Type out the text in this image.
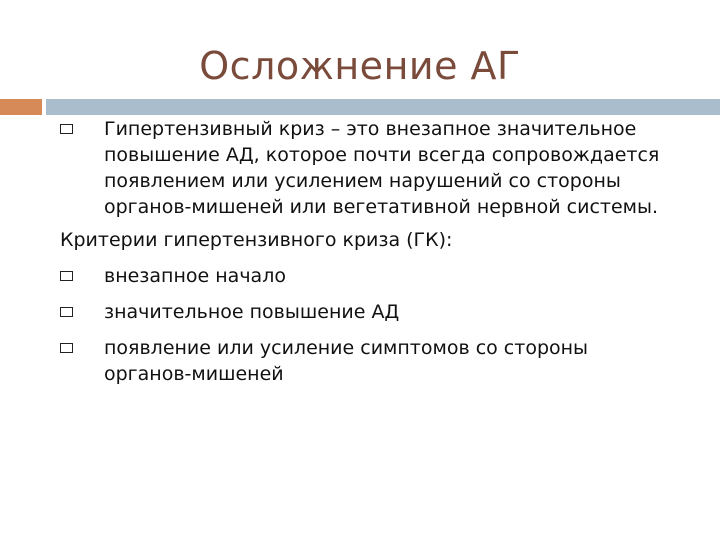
Осложнение АГ
Гипертензивный криз – это внезапное значительное повышение АД, которое почти всегда сопровождается появлением или усилением нарушений со стороны органов-мишеней или вегетативной нервной системы.
Критерии гипертензивного криза (ГК):
внезапное начало
значительное повышение АД
появление или усиление симптомов со стороны органов-мишеней
